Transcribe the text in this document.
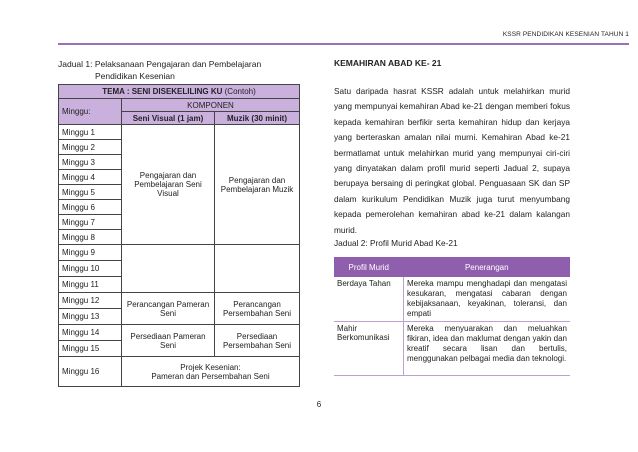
KSSR PENDIDIKAN KESENIAN TAHUN 1
Jadual 1: Pelaksanaan Pengajaran dan Pembelajaran
Pendidikan Kesenian
TEMA : SENI DISEKELILING KU (Contoh)		
Minggu:	KOMPONEN	
	Seni Visual (1 jam)	Muzik (30 minit)
Minggu 1	Pengajaran dan Pembelajaran Seni Visual	Pengajaran dan Pembelajaran Muzik
Minggu 2		
Minggu 3		
Minggu 4		
Minggu 5		
Minggu 6		
Minggu 7		
Minggu 8		
Minggu 9		
Minggu 10		
Minggu 11		
Minggu 12	Perancangan Pameran Seni	Perancangan Persembahan Seni
Minggu 13		
Minggu 14	Persediaan Pameran Seni	Persediaan Persembahan Seni
Minggu 15		
Minggu 16	Projek Kesenian:
Pameran dan Persembahan Seni	
KEMAHIRAN ABAD KE- 21
Satu daripada hasrat KSSR adalah untuk melahirkan murid yang mempunyai kemahiran Abad ke-21 dengan memberi fokus kepada kemahiran berfikir serta kemahiran hidup dan kerjaya yang berteraskan amalan nilai murni. Kemahiran Abad ke-21 bermatlamat untuk melahirkan murid yang mempunyai ciri-ciri yang dinyatakan dalam profil murid seperti Jadual 2, supaya berupaya bersaing di peringkat global. Penguasaan SK dan SP dalam kurikulum Pendidikan Muzik juga turut menyumbang kepada pemerolehan kemahiran abad ke-21 dalam kalangan murid.
Jadual 2: Profil Murid Abad Ke-21
Profil Murid	Penerangan
Berdaya Tahan	Mereka mampu menghadapi dan mengatasi kesukaran, mengatasi cabaran dengan kebijaksanaan, keyakinan, toleransi, dan empati
Mahir Berkomunikasi	Mereka menyuarakan dan meluahkan fikiran, idea dan maklumat dengan yakin dan kreatif secara lisan dan bertulis, menggunakan pelbagai media dan teknologi.
6
